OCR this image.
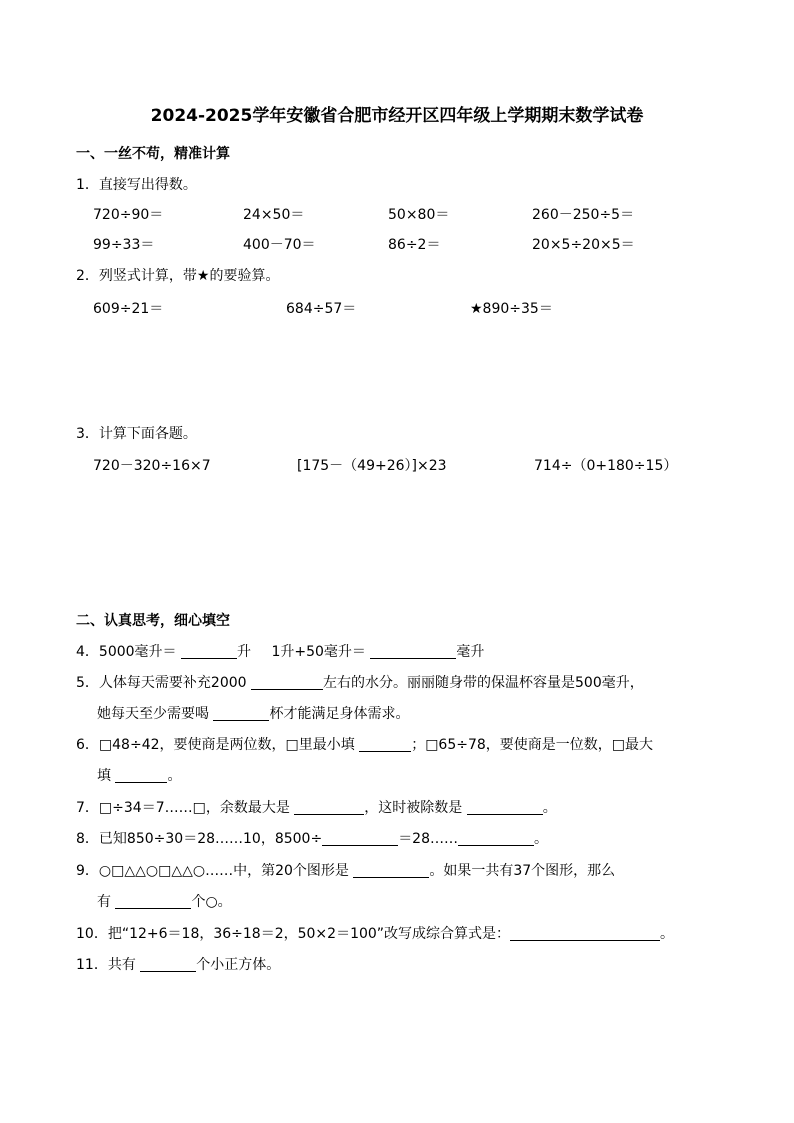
2024-2025学年安徽省合肥市经开区四年级上学期期末数学试卷
一、一丝不苟，精准计算
1．直接写出得数。
720÷90＝	24×50＝	50×80＝	260－250÷5＝
99÷33＝	400－70＝	86÷2＝	20×5÷20×5＝
2．列竖式计算，带★的要验算。
609÷21＝	684÷57＝	★890÷35＝
3．计算下面各题。
720－320÷16×7	[175－（49+26）]×23	714÷（0+180÷15）
二、认真思考，细心填空
4．5000毫升＝	升 1升+50毫升＝	毫升
5．人体每天需要补充2000	左右的水分。丽丽随身带的保温杯容量是500毫升，
她每天至少需要喝	杯才能满足身体需求。
6．□48÷42，要使商是两位数，□里最小填	；□65÷78，要使商是一位数，□最大
填	。
7．□÷34＝7……□，余数最大是	，这时被除数是	。
8．已知850÷30＝28……10，8500÷	＝28……	。
9．○□△△○□△△○……中，第20个图形是	。如果一共有37个图形，那么
有	个○。
10．把“12+6＝18，36÷18＝2，50×2＝100”改写成综合算式是：	。
11．共有	个小正方体。
